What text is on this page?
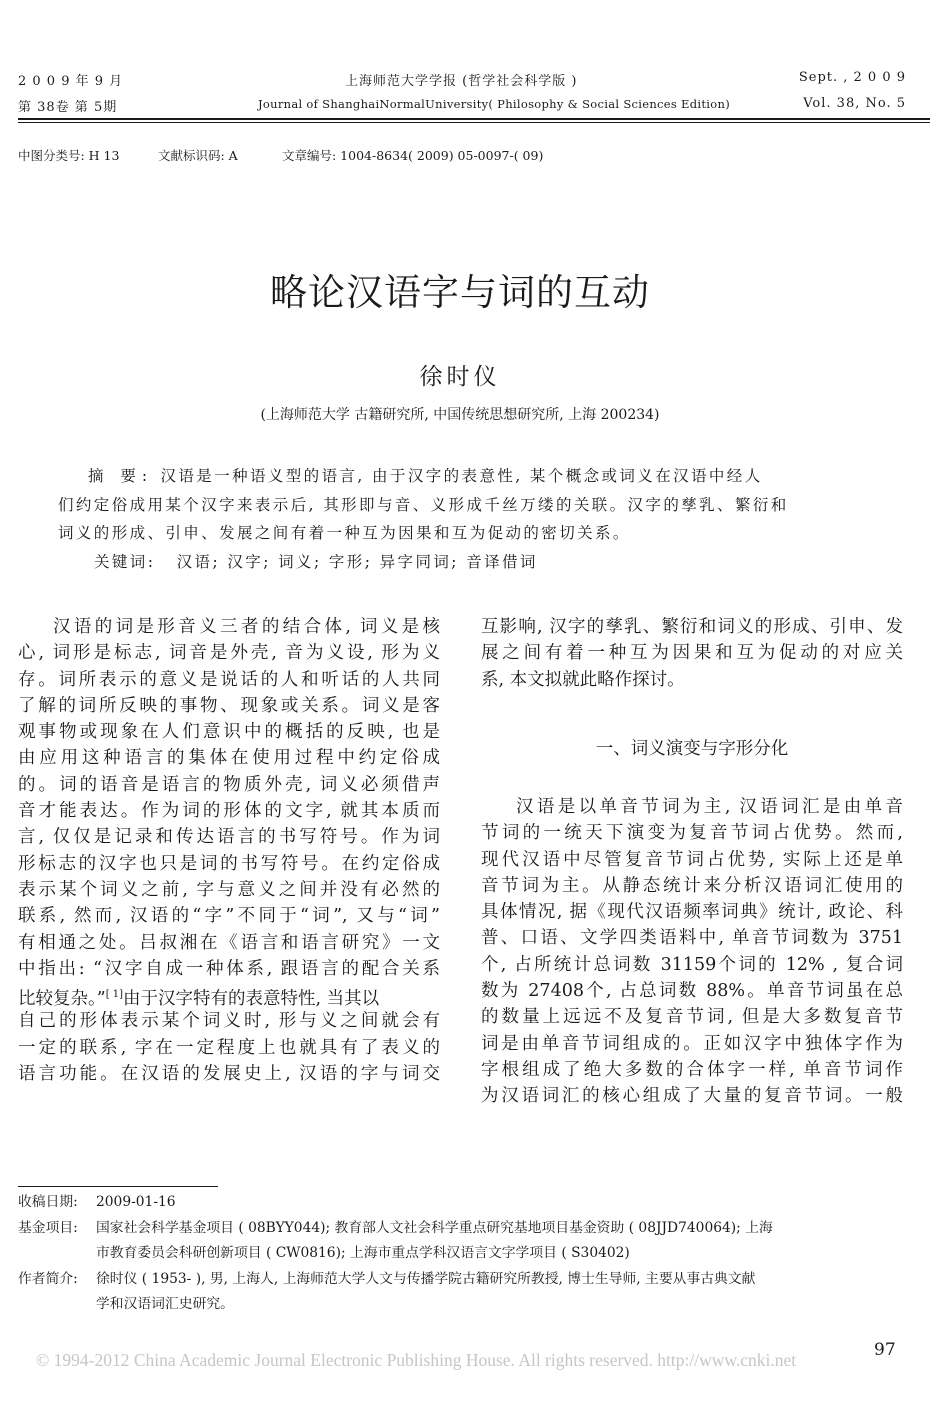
2 0 0 9 年 9 月
第 38卷 第 5期
上海师范大学学报 (哲学社会科学版 )
Journal of ShanghaiNormalUniversity( Philosophy & Social Sciences Edition)
Sept. , 2 0 0 9
Vol. 38, No. 5
中图分类号: H 13	文献标识码: A	文章编号: 1004-8634( 2009) 05-0097-( 09)
略论汉语字与词的互动
徐时仪
(上海师范大学 古籍研究所, 中国传统思想研究所, 上海 200234)
摘 要: 汉语是一种语义型的语言, 由于汉字的表意性, 某个概念或词义在汉语中经人
们约定俗成用某个汉字来表示后, 其形即与音、义形成千丝万缕的关联。汉字的孳乳、繁衍和
词义的形成、引申、发展之间有着一种互为因果和互为促动的密切关系。
关键词: 汉语; 汉字; 词义; 字形; 异字同词; 音译借词
汉语的词是形音义三者的结合体, 词义是核
心, 词形是标志, 词音是外壳, 音为义设, 形为义
存。词所表示的意义是说话的人和听话的人共同
了解的词所反映的事物、现象或关系。词义是客
观事物或现象在人们意识中的概括的反映, 也是
由应用这种语言的集体在使用过程中约定俗成
的。词的语音是语言的物质外壳, 词义必须借声
音才能表达。作为词的形体的文字, 就其本质而
言, 仅仅是记录和传达语言的书写符号。作为词
形标志的汉字也只是词的书写符号。在约定俗成
表示某个词义之前, 字与意义之间并没有必然的
联系, 然而, 汉语的“字”不同于“词”, 又与“词”
有相通之处。吕叔湘在《语言和语言研究》一文
中指出: “汉字自成一种体系, 跟语言的配合关系
比较复杂。”[ 1]由于汉字特有的表意特性, 当其以
自己的形体表示某个词义时, 形与义之间就会有
一定的联系, 字在一定程度上也就具有了表义的
语言功能。在汉语的发展史上, 汉语的字与词交
互影响, 汉字的孳乳、繁衍和词义的形成、引申、发
展之间有着一种互为因果和互为促动的对应关
系, 本文拟就此略作探讨。
一、词义演变与字形分化
汉语是以单音节词为主, 汉语词汇是由单音
节词的一统天下演变为复音节词占优势。然而,
现代汉语中尽管复音节词占优势, 实际上还是单
音节词为主。从静态统计来分析汉语词汇使用的
具体情况, 据《现代汉语频率词典》统计, 政论、科
普、口语、文学四类语料中, 单音节词数为 3751
个, 占所统计总词数 31159个词的 12% , 复合词
数为 27408个, 占总词数 88%。单音节词虽在总
的数量上远远不及复音节词, 但是大多数复音节
词是由单音节词组成的。正如汉字中独体字作为
字根组成了绝大多数的合体字一样, 单音节词作
为汉语词汇的核心组成了大量的复音节词。一般
收稿日期:	2009-01-16
基金项目:	国家社会科学基金项目 ( 08BYY044); 教育部人文社会科学重点研究基地项目基金资助 ( 08JJD740064); 上海
市教育委员会科研创新项目 ( CW0816); 上海市重点学科汉语言文字学项目 ( S30402)
作者简介:	徐时仪 ( 1953- ), 男, 上海人, 上海师范大学人文与传播学院古籍研究所教授, 博士生导师, 主要从事古典文献
学和汉语词汇史研究。
97
© 1994-2012 China Academic Journal Electronic Publishing House. All rights reserved. http://www.cnki.net
